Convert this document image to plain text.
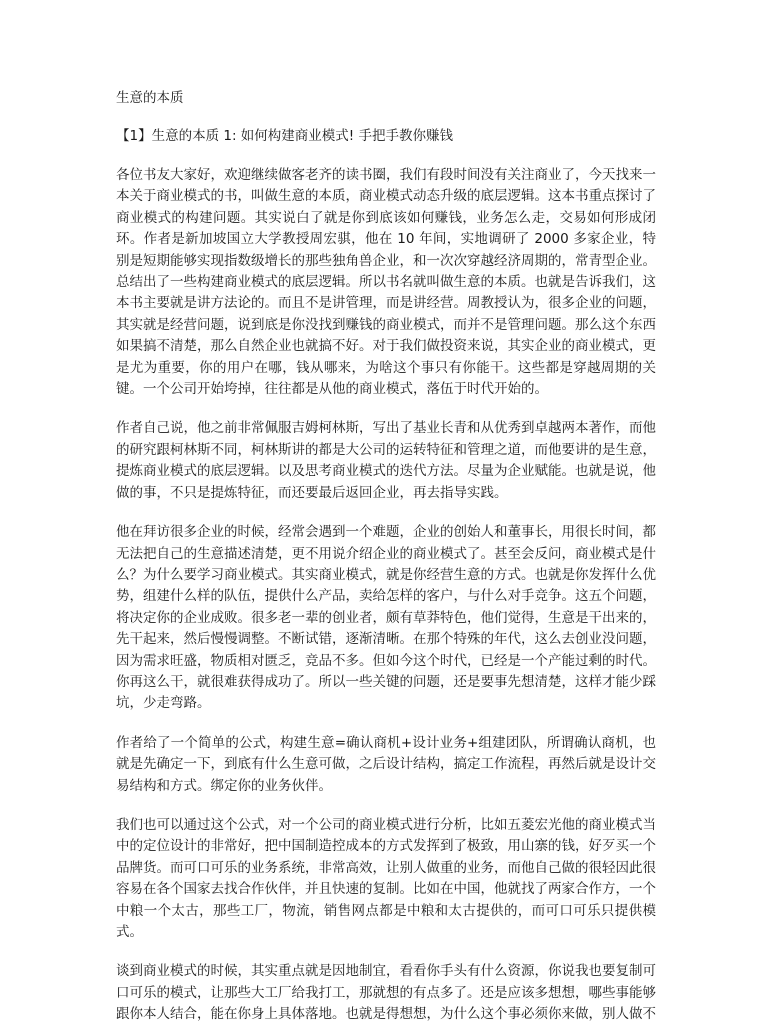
生意的本质
【1】生意的本质 1: 如何构建商业模式! 手把手教你赚钱

各位书友大家好，欢迎继续做客老齐的读书圈，我们有段时间没有关注商业了，今天找来一本关于商业模式的书，叫做生意的本质，商业模式动态升级的底层逻辑。这本书重点探讨了商业模式的构建问题。其实说白了就是你到底该如何赚钱，业务怎么走，交易如何形成闭环。作者是新加坡国立大学教授周宏骐，他在 10 年间，实地调研了 2000 多家企业，特别是短期能够实现指数级增长的那些独角兽企业，和一次次穿越经济周期的，常青型企业。总结出了一些构建商业模式的底层逻辑。所以书名就叫做生意的本质。也就是告诉我们，这本书主要就是讲方法论的。而且不是讲管理，而是讲经营。周教授认为，很多企业的问题，其实就是经营问题，说到底是你没找到赚钱的商业模式，而并不是管理问题。那么这个东西如果搞不清楚，那么自然企业也就搞不好。对于我们做投资来说，其实企业的商业模式，更是尤为重要，你的用户在哪，钱从哪来，为啥这个事只有你能干。这些都是穿越周期的关键。一个公司开始垮掉，往往都是从他的商业模式，落伍于时代开始的。

作者自己说，他之前非常佩服吉姆柯林斯，写出了基业长青和从优秀到卓越两本著作，而他的研究跟柯林斯不同，柯林斯讲的都是大公司的运转特征和管理之道，而他要讲的是生意，提炼商业模式的底层逻辑。以及思考商业模式的迭代方法。尽量为企业赋能。也就是说，他做的事，不只是提炼特征，而还要最后返回企业，再去指导实践。

他在拜访很多企业的时候，经常会遇到一个难题，企业的创始人和董事长，用很长时间，都无法把自己的生意描述清楚，更不用说介绍企业的商业模式了。甚至会反问，商业模式是什么？为什么要学习商业模式。其实商业模式，就是你经营生意的方式。也就是你发挥什么优势，组建什么样的队伍，提供什么产品，卖给怎样的客户，与什么对手竞争。这五个问题，将决定你的企业成败。很多老一辈的创业者，颇有草莽特色，他们觉得，生意是干出来的，先干起来，然后慢慢调整。不断试错，逐渐清晰。在那个特殊的年代，这么去创业没问题，因为需求旺盛，物质相对匮乏，竞品不多。但如今这个时代，已经是一个产能过剩的时代。你再这么干，就很难获得成功了。所以一些关键的问题，还是要事先想清楚，这样才能少踩坑，少走弯路。

作者给了一个简单的公式，构建生意=确认商机+设计业务+组建团队，所谓确认商机，也就是先确定一下，到底有什么生意可做，之后设计结构，搞定工作流程，再然后就是设计交易结构和方式。绑定你的业务伙伴。

我们也可以通过这个公式，对一个公司的商业模式进行分析，比如五菱宏光他的商业模式当中的定位设计的非常好，把中国制造控成本的方式发挥到了极致，用山寨的钱，好歹买一个品牌货。而可口可乐的业务系统，非常高效，让别人做重的业务，而他自己做的很轻因此很容易在各个国家去找合作伙伴，并且快速的复制。比如在中国，他就找了两家合作方，一个中粮一个太古，那些工厂，物流，销售网点都是中粮和太古提供的，而可口可乐只提供模式。

谈到商业模式的时候，其实重点就是因地制宜，看看你手头有什么资源，你说我也要复制可口可乐的模式，让那些大工厂给我打工，那就想的有点多了。还是应该多想想，哪些事能够跟你本人结合，能在你身上具体落地。也就是得想想，为什么这个事必须你来做，别人做不
